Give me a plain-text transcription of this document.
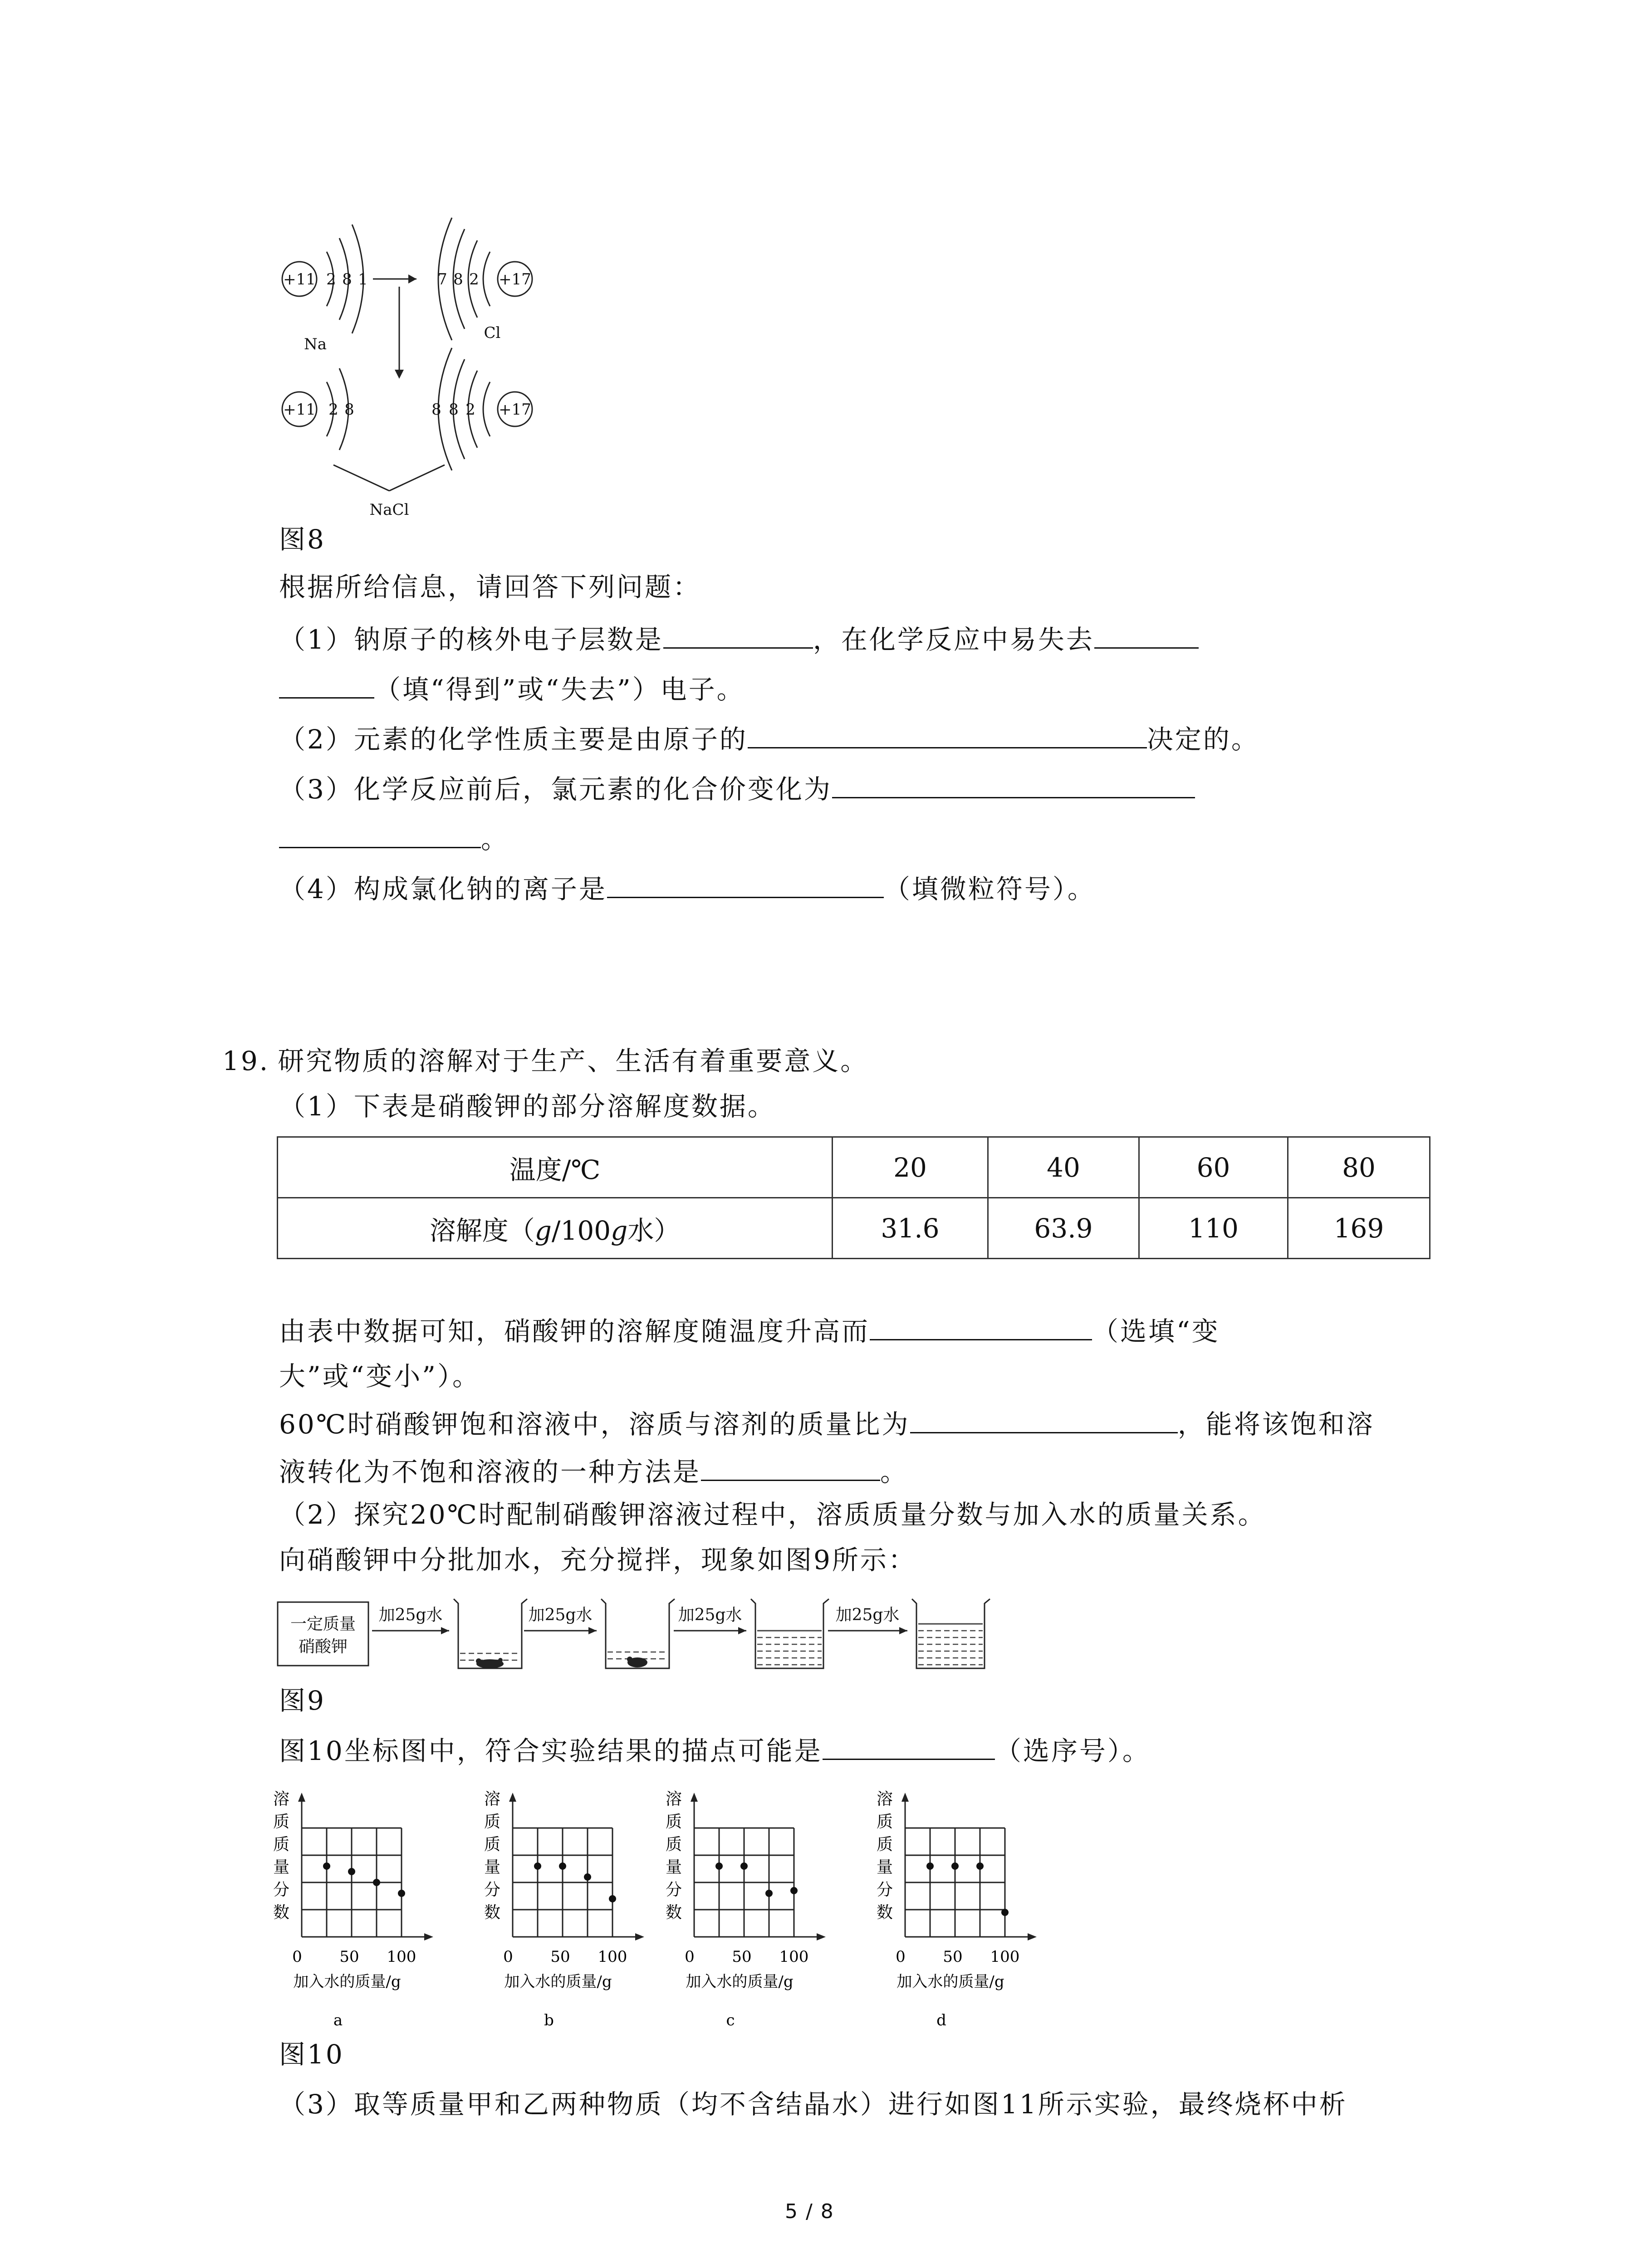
+11 2 8 1
Na
7 8 2 +17
Cl
+11 2 8	8 8 2 +17
NaCl
图8
根据所给信息，请回答下列问题：
（1）钠原子的核外电子层数是	，在化学反应中易失去
（填“得到”或“失去”）电子。
（2）元素的化学性质主要是由原子的	决定的。
（3）化学反应前后，氯元素的化合价变化为
。
（4）构成氯化钠的离子是	（填微粒符号）。
19. 研究物质的溶解对于生产、生活有着重要意义。
（1）下表是硝酸钾的部分溶解度数据。
温度/℃	20	40	60	80
溶解度（g/100g水）	31.6	63.9	110	169
由表中数据可知，硝酸钾的溶解度随温度升高而	（选填“变
大”或“变小”）。
60℃时硝酸钾饱和溶液中，溶质与溶剂的质量比为	，能将该饱和溶
液转化为不饱和溶液的一种方法是	。
（2）探究20℃时配制硝酸钾溶液过程中，溶质质量分数与加入水的质量关系。
向硝酸钾中分批加水，充分搅拌，现象如图9所示：
一定质量
硝酸钾
加25g水	加25g水	加25g水	加25g水
图9
图10坐标图中，符合实验结果的描点可能是	（选序号）。
溶
质
质
量
分
数
0 50 100
加入水的质量/g
a
溶
质
质
量
分
数
0 50 100
加入水的质量/g
b
溶
质
质
量
分
数
0 50 100
加入水的质量/g
c
溶
质
质
量
分
数
0 50 100
加入水的质量/g
d
图10
（3）取等质量甲和乙两种物质（均不含结晶水）进行如图11所示实验，最终烧杯中析
5 / 8
